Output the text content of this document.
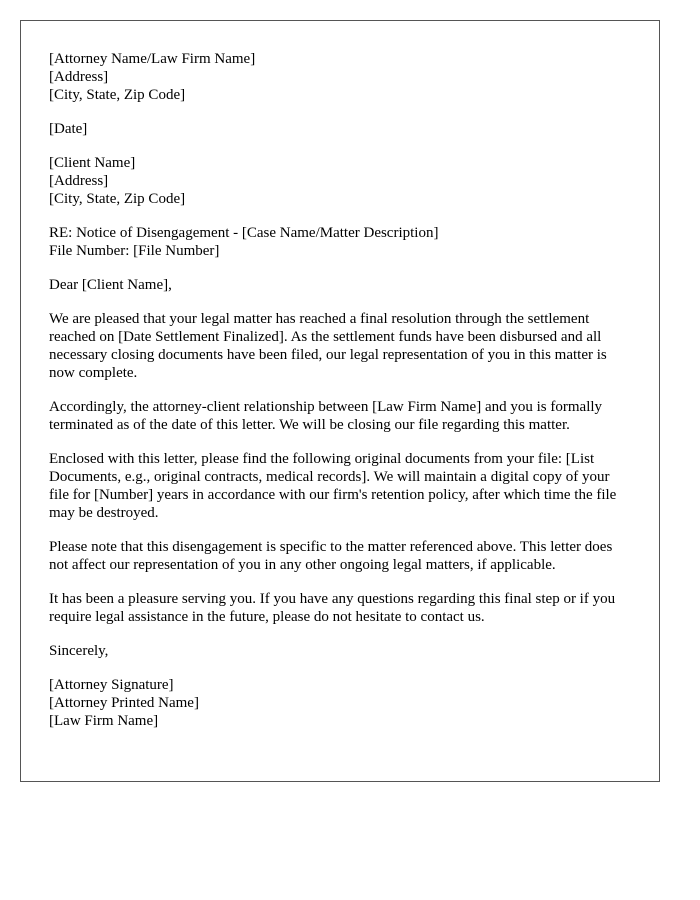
[Attorney Name/Law Firm Name]
[Address]
[City, State, Zip Code]
[Date]
[Client Name]
[Address]
[City, State, Zip Code]
RE: Notice of Disengagement - [Case Name/Matter Description]
File Number: [File Number]
Dear [Client Name],

We are pleased that your legal matter has reached a final resolution through the settlement reached on [Date Settlement Finalized]. As the settlement funds have been disbursed and all necessary closing documents have been filed, our legal representation of you in this matter is now complete.

Accordingly, the attorney-client relationship between [Law Firm Name] and you is formally terminated as of the date of this letter. We will be closing our file regarding this matter.

Enclosed with this letter, please find the following original documents from your file: [List Documents, e.g., original contracts, medical records]. We will maintain a digital copy of your file for [Number] years in accordance with our firm's retention policy, after which time the file may be destroyed.

Please note that this disengagement is specific to the matter referenced above. This letter does not affect our representation of you in any other ongoing legal matters, if applicable.

It has been a pleasure serving you. If you have any questions regarding this final step or if you require legal assistance in the future, please do not hesitate to contact us.

Sincerely,
[Attorney Signature]
[Attorney Printed Name]
[Law Firm Name]
